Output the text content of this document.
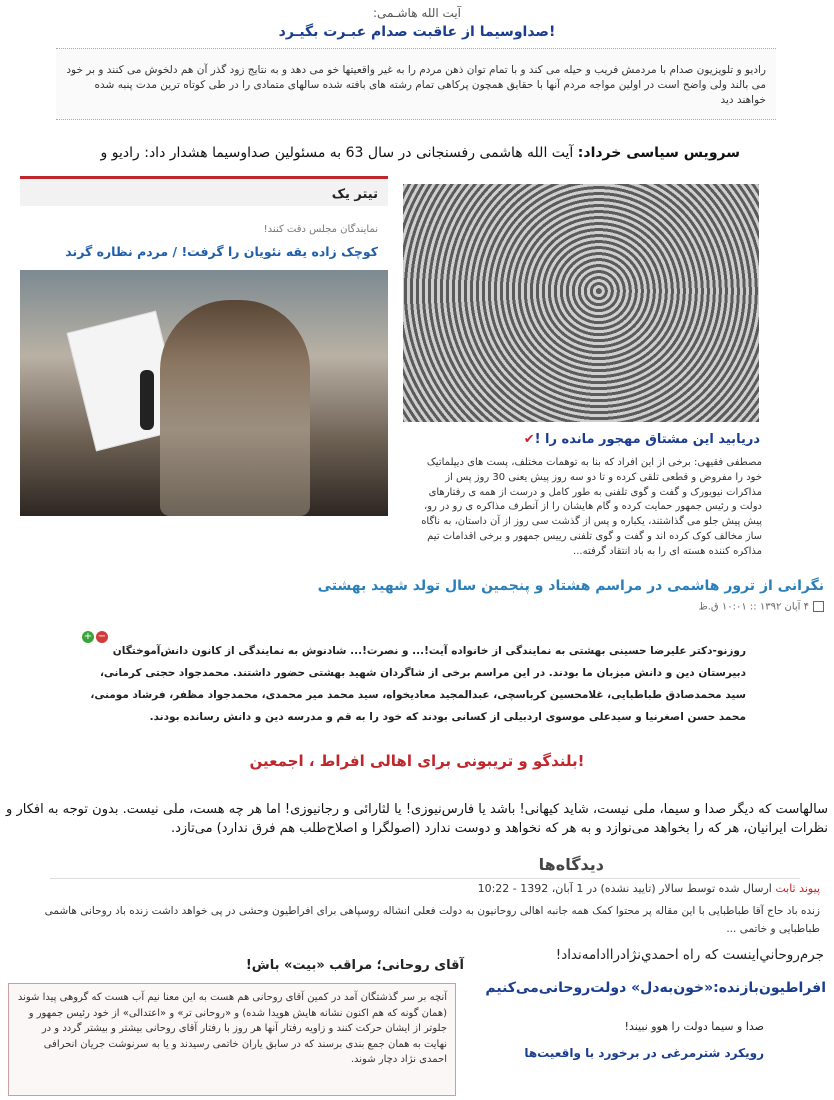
آیت الله هاشـمی:
صداوسیما از عاقبت صدام عبـرت بگیـرد!
رادیو و تلویزیون صدام با مردمش فریب و حیله می کند و با تمام توان ذهن مردم را به غیر واقعیتها خو می دهد و به نتایج زود گذر آن هم دلخوش می کنند و بر خود می بالند ولی واضح است در اولین مواجه مردم آنها با حقایق همچون پرکاهی تمام رشته های بافته شده سالهای متمادی را در طی کوتاه ترین مدت پنبه شده خواهند دید
سرویس سیاسی خرداد: آیت الله هاشمی رفسنجانی در سال 63 به مسئولین صداوسیما هشدار داد: رادیو و
تیتر یک
نمایندگان مجلس دقت کنند!
کوچک زاده یقه نئویان را گرفت! / مردم نظاره گرند
دریابید این مشتاق مهجور مانده را !✔
مصطفی فقیهی: برخی از این افراد که بنا به توهمات مختلف، پست های دیپلماتیک خود را مفروض و قطعی تلقی کرده و تا دو سه روز پیش یعنی 30 روز پس از مذاکرات نیویورک و گفت و گوی تلفنی به طور کامل و درست از همه ی رفتارهای دولت و رئیس جمهور حمایت کرده و گام هایشان را از آنطرف مذاکره ی رو در رو، پیش پیش جلو می گذاشتند، یکباره و پس از گذشت سی روز از آن داستان، به ناگاه ساز مخالف کوک کرده اند و گفت و گوی تلفنی رییس جمهور و برخی اقدامات تیم مذاکره کننده هسته ای را به باد انتقاد گرفته...
نگرانی از ترور هاشمی در مراسم هشتاد و پنجمین سال تولد شهید بهشتی
۴ آبان ۱۳۹۲ :: ۱۰:۰۱ ق.ظ
+ −
روزنو-دکتر علیرضا حسینی بهشتی به نمایندگی از خانواده آیت!... و نصرت!... شادنوش به نمایندگی از کانون دانش‌آموختگان دبیرستان دین و دانش میزبان ما بودند. در این مراسم برخی از شاگردان شهید بهشتی حضور داشتند. محمدجواد حجتی کرمانی، سید محمدصادق طباطبایی، غلامحسین کرباسچی، عبدالمجید معادیخواه، سید محمد میر محمدی، محمدجواد مظفر، فرشاد مومنی، محمد حسن اصغرنیا و سیدعلی موسوی اردبیلی از کسانی بودند که خود را به قم و مدرسه دین و دانش رسانده بودند.
بلندگو و تریبونی برای اهالی افراط ، اجمعین!
سالهاست که دیگر صدا و سیما، ملی نیست، شاید کیهانی! باشد یا فارس‌نیوزی! یا لثارائی و رجانیوزی! اما هر چه هست، ملی نیست. بدون توجه به افکار و نظرات ایرانیان، هر که را بخواهد می‌نوازد و به هر که نخواهد و دوست ندارد (اصولگرا و اصلاح‌طلب هم فرق ندارد) می‌تازد.
دیدگاه‌ها
پیوند ثابت ارسال شده توسط سالار (تایید نشده) در 1 آبان، 1392 - 10:22
زنده باد حاج آقا طباطبایی با این مقاله پر محتوا کمک همه جانبه اهالی روحانیون به دولت فعلی انشاله روسپاهی برای افراطیون وحشی در پی خواهد داشت زنده باد روحانی هاشمی طباطبایی و خاتمی ...
آقای روحانی؛ مراقب «بیت» باش!
آنچه بر سر گذشتگان آمد در کمین آقای روحانی هم هست به این معنا نیم آب هست که گروهی پیدا شوند (همان گونه که هم اکنون نشانه هایش هویدا شده) و «روحانی تر» و «اعتدالی» از خود رئیس جمهور و جلوتر از ایشان حرکت کنند و زاویه رفتار آنها هر روز با رفتار آقای روحانی بیشتر و بیشتر گردد و در نهایت به همان جمع بندی برسند که در سابق یاران خاتمی رسیدند و یا به سرنوشت جریان انحرافی احمدی نژاد دچار شوند.
جرم‌روحاني‌اينست كه راه احمدي‌نژاد‌راادامه‌نداد!
افراطیون‌بازنده:«خون‌به‌دل» دولت‌روحانی‌می‌کنیم
صدا و سیما دولت را هوو نبیند!
رویکرد شترمرغی در برخورد با واقعیت‌ها
